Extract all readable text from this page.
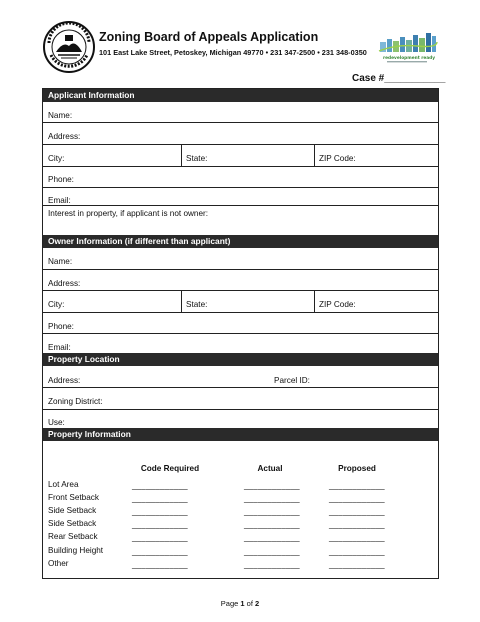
Zoning Board of Appeals Application
101 East Lake Street, Petoskey, Michigan 49770 • 231 347-2500 • 231 348-0350
redevelopment ready
Case #___________
Applicant Information
Name:
Address:
City:	State:	ZIP Code:
Phone:
Email:
Interest in property, if applicant is not owner:
Owner Information (if different than applicant)
Name:
Address:
City:	State:	ZIP Code:
Phone:
Email:
Property Location
Address:	Parcel ID:
Zoning District:
Use:
Property Information
Code Required	Actual	Proposed
Lot Area	____________	____________	____________
Front Setback	____________	____________	____________
Side Setback	____________	____________	____________
Side Setback	____________	____________	____________
Rear Setback	____________	____________	____________
Building Height	____________	____________	____________
Other	____________	____________	____________
Page 1 of 2
